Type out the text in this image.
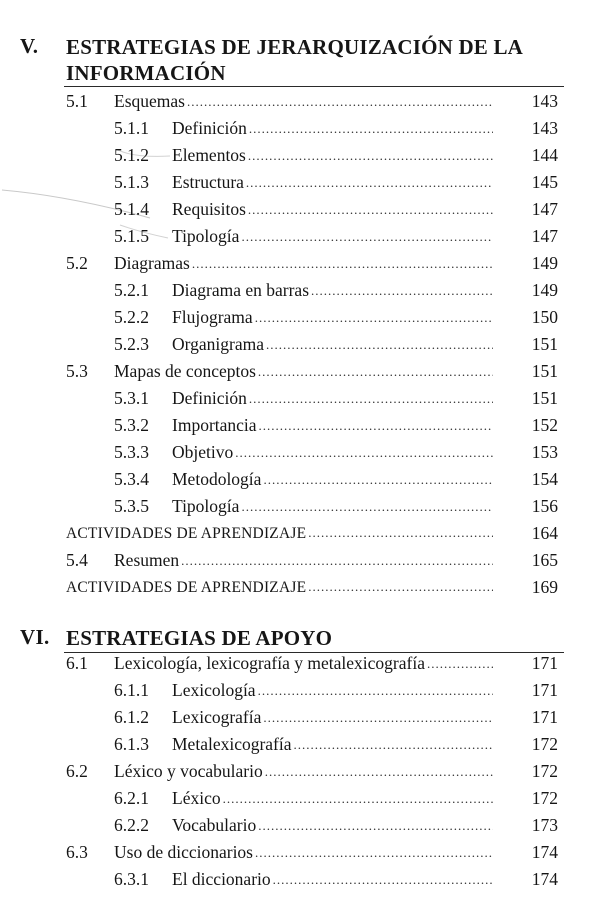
V. ESTRATEGIAS DE JERARQUIZACIÓN DE LA INFORMACIÓN
5.1	Esquemas .....	143
5.1.1	Definición .....	143
5.1.2	Elementos .....	144
5.1.3	Estructura .....	145
5.1.4	Requisitos .....	147
5.1.5	Tipología .....	147
5.2	Diagramas .....	149
5.2.1	Diagrama en barras .....	149
5.2.2	Flujograma .....	150
5.2.3	Organigrama .....	151
5.3	Mapas de conceptos .....	151
5.3.1	Definición .....	151
5.3.2	Importancia .....	152
5.3.3	Objetivo .....	153
5.3.4	Metodología .....	154
5.3.5	Tipología .....	156
ACTIVIDADES DE APRENDIZAJE .....	164
5.4	Resumen .....	165
ACTIVIDADES DE APRENDIZAJE .....	169
VI. ESTRATEGIAS DE APOYO
6.1	Lexicología, lexicografía y metalexicografía .....	171
6.1.1	Lexicología .....	171
6.1.2	Lexicografía .....	171
6.1.3	Metalexicografía .....	172
6.2	Léxico y vocabulario .....	172
6.2.1	Léxico .....	172
6.2.2	Vocabulario .....	173
6.3	Uso de diccionarios .....	174
6.3.1	El diccionario .....	174
